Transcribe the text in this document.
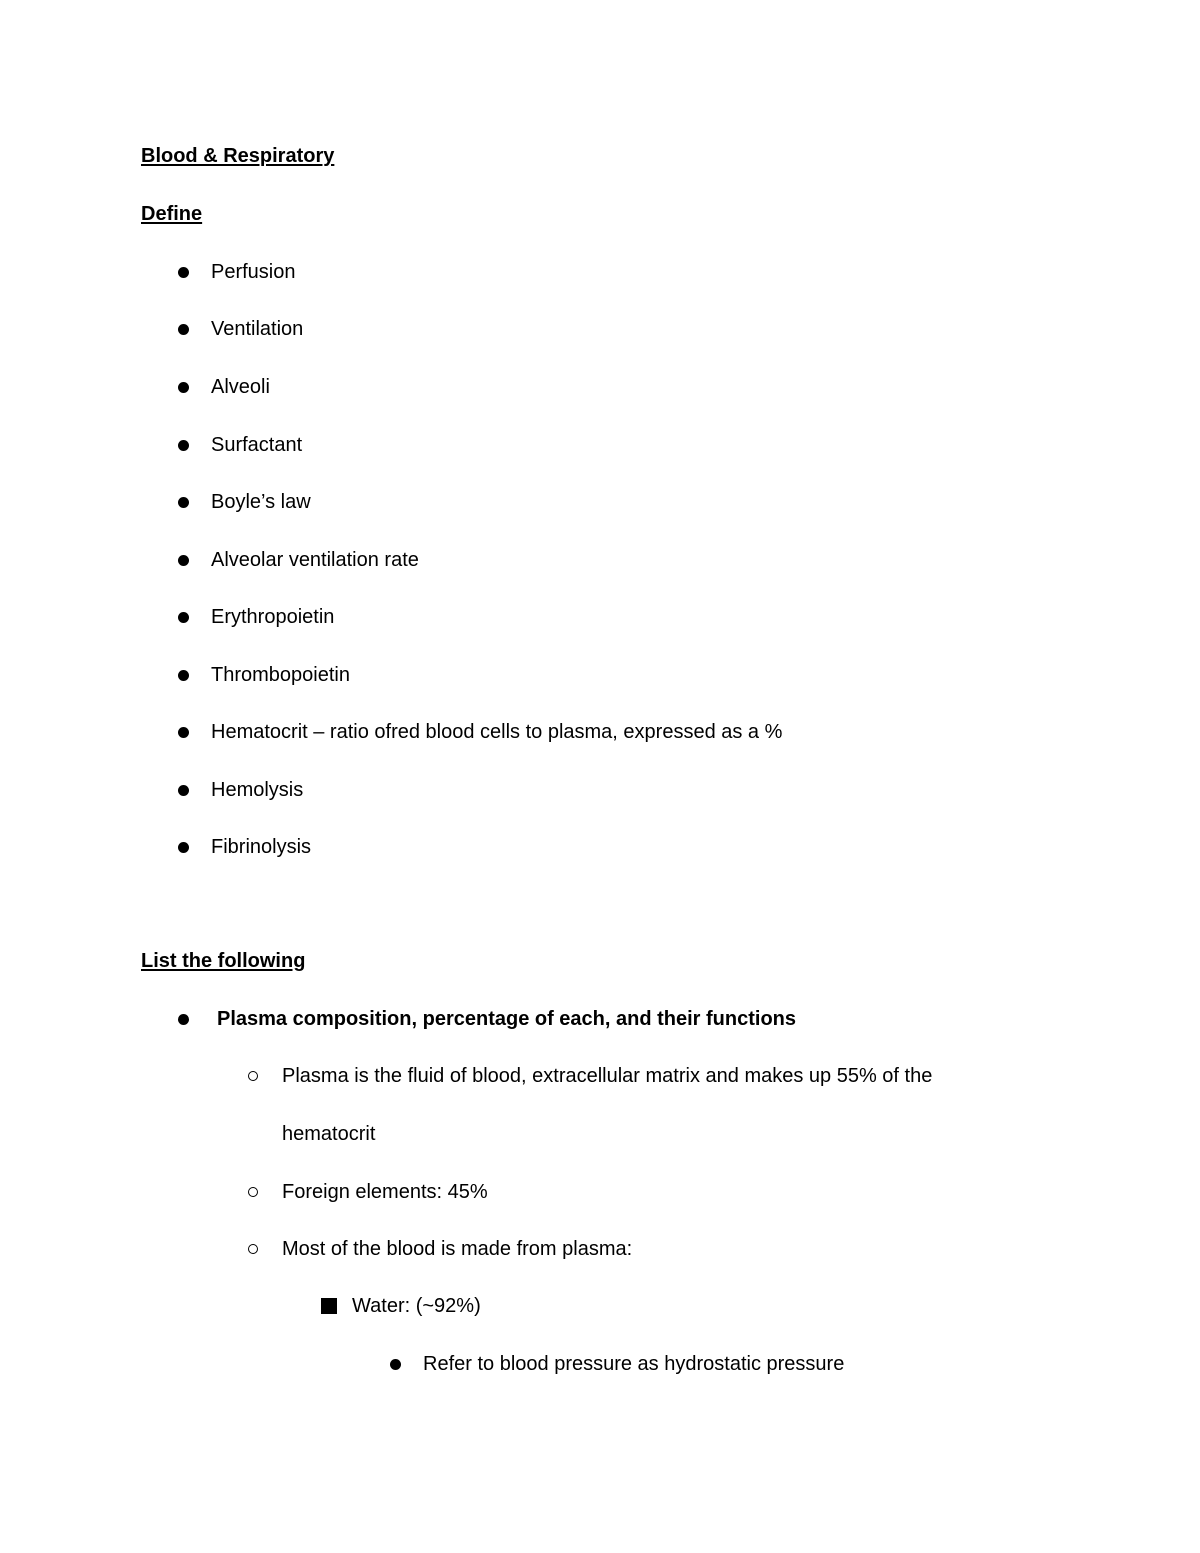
Blood & Respiratory
Define
Perfusion
Ventilation
Alveoli
Surfactant
Boyle’s law
Alveolar ventilation rate
Erythropoietin
Thrombopoietin
Hematocrit – ratio ofred blood cells to plasma, expressed as a %
Hemolysis
Fibrinolysis
List the following
Plasma composition, percentage of each, and their functions
Plasma is the fluid of blood, extracellular matrix and makes up 55% of the
hematocrit
Foreign elements: 45%
Most of the blood is made from plasma:
Water: (~92%)
Refer to blood pressure as hydrostatic pressure
